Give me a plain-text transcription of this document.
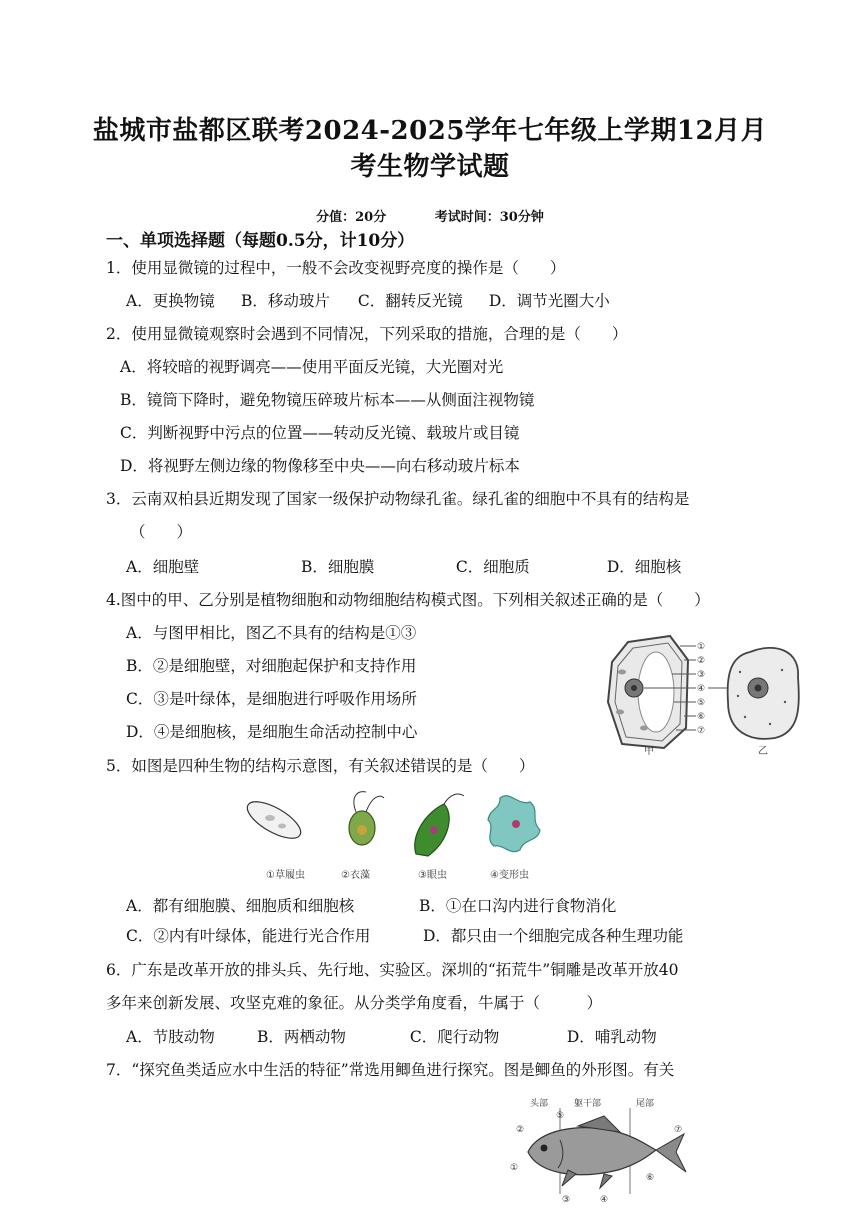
盐城市盐都区联考2024-2025学年七年级上学期12月月
考生物学试题
分值：20分	考试时间：30分钟
一、单项选择题（每题0.5分，计10分）
1．使用显微镜的过程中，一般不会改变视野亮度的操作是（　　）
A．更换物镜 B．移动玻片 C．翻转反光镜 D．调节光圈大小
2．使用显微镜观察时会遇到不同情况，下列采取的措施，合理的是（　　）
A．将较暗的视野调亮——使用平面反光镜，大光圈对光
B．镜筒下降时，避免物镜压碎玻片标本——从侧面注视物镜
C．判断视野中污点的位置——转动反光镜、载玻片或目镜
D．将视野左侧边缘的物像移至中央——向右移动玻片标本
3．云南双柏县近期发现了国家一级保护动物绿孔雀。绿孔雀的细胞中不具有的结构是
（　　）
A．细胞壁	B．细胞膜	C．细胞质	D．细胞核
4.图中的甲、乙分别是植物细胞和动物细胞结构模式图。下列相关叙述正确的是（　　）
A．与图甲相比，图乙不具有的结构是①③
B．②是细胞壁，对细胞起保护和支持作用
C．③是叶绿体，是细胞进行呼吸作用场所
D．④是细胞核，是细胞生命活动控制中心
①
②
③
④
⑤
⑥
⑦
甲	乙
5．如图是四种生物的结构示意图，有关叙述错误的是（　　）
①草履虫	②衣藻	③眼虫	④变形虫
A．都有细胞膜、细胞质和细胞核	B．①在口沟内进行食物消化
C．②内有叶绿体，能进行光合作用	D．都只由一个细胞完成各种生理功能
6．广东是改革开放的排头兵、先行地、实验区。深圳的“拓荒牛”铜雕是改革开放40
多年来创新发展、攻坚克难的象征。从分类学角度看，牛属于（　　　）
A．节肢动物	B．两栖动物	C．爬行动物	D．哺乳动物
7．“探究鱼类适应水中生活的特征”常选用鲫鱼进行探究。图是鲫鱼的外形图。有关
头部	躯干部	尾部
②
⑤
⑦
①
⑥
③	④
